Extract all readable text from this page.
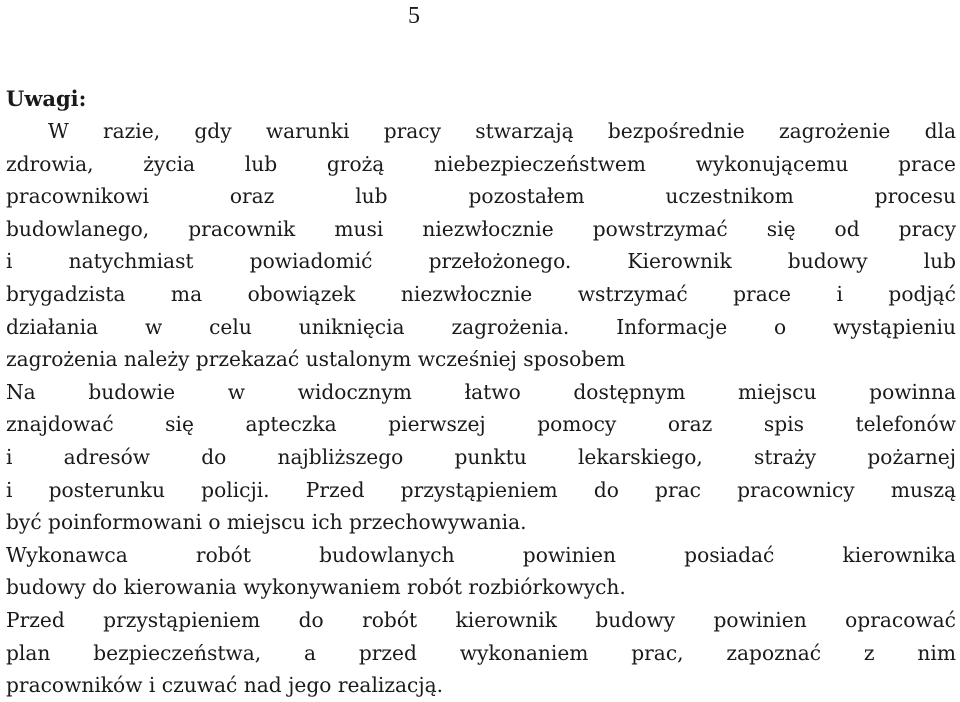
5

Uwagi:

W razie, gdy warunki pracy stwarzają bezpośrednie zagrożenie dla
zdrowia, życia lub grożą niebezpieczeństwem wykonującemu prace
pracownikowi oraz lub pozostałem uczestnikom procesu
budowlanego, pracownik musi niezwłocznie powstrzymać się od pracy
i natychmiast powiadomić przełożonego. Kierownik budowy lub
brygadzista ma obowiązek niezwłocznie wstrzymać prace i podjąć
działania w celu uniknięcia zagrożenia. Informacje o wystąpieniu
zagrożenia należy przekazać ustalonym wcześniej sposobem
Na budowie w widocznym łatwo dostępnym miejscu powinna
znajdować się apteczka pierwszej pomocy oraz spis telefonów
i adresów do najbliższego punktu lekarskiego, straży pożarnej
i posterunku policji. Przed przystąpieniem do prac pracownicy muszą
być poinformowani o miejscu ich przechowywania.
Wykonawca robót budowlanych powinien posiadać kierownika
budowy do kierowania wykonywaniem robót rozbiórkowych.
Przed przystąpieniem do robót kierownik budowy powinien opracować
plan bezpieczeństwa, a przed wykonaniem prac, zapoznać z nim
pracowników i czuwać nad jego realizacją.
